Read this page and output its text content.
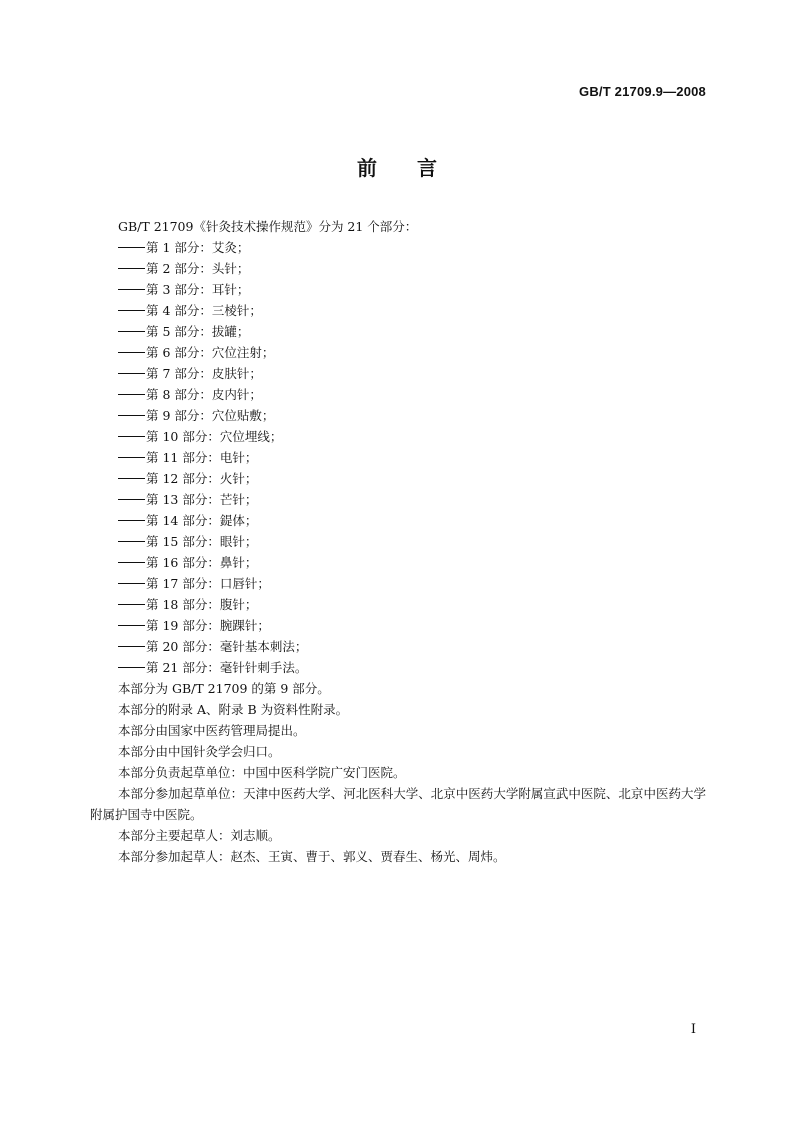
GB/T 21709.9—2008
前 言

GB/T 21709《针灸技术操作规范》分为 21 个部分：

第 1 部分：艾灸；
第 2 部分：头针；
第 3 部分：耳针；
第 4 部分：三棱针；
第 5 部分：拔罐；
第 6 部分：穴位注射；
第 7 部分：皮肤针；
第 8 部分：皮内针；
第 9 部分：穴位贴敷；
第 10 部分：穴位埋线；
第 11 部分：电针；
第 12 部分：火针；
第 13 部分：芒针；
第 14 部分：鍉体；
第 15 部分：眼针；
第 16 部分：鼻针；
第 17 部分：口唇针；
第 18 部分：腹针；
第 19 部分：腕踝针；
第 20 部分：毫针基本刺法；
第 21 部分：毫针针刺手法。

本部分为 GB/T 21709 的第 9 部分。

本部分的附录 A、附录 B 为资料性附录。

本部分由国家中医药管理局提出。

本部分由中国针灸学会归口。

本部分负责起草单位：中国中医科学院广安门医院。

本部分参加起草单位：天津中医药大学、河北医科大学、北京中医药大学附属宣武中医院、北京中医药大学附属护国寺中医院。

本部分主要起草人：刘志顺。

本部分参加起草人：赵杰、王寅、曹于、郭义、贾春生、杨光、周炜。

I
